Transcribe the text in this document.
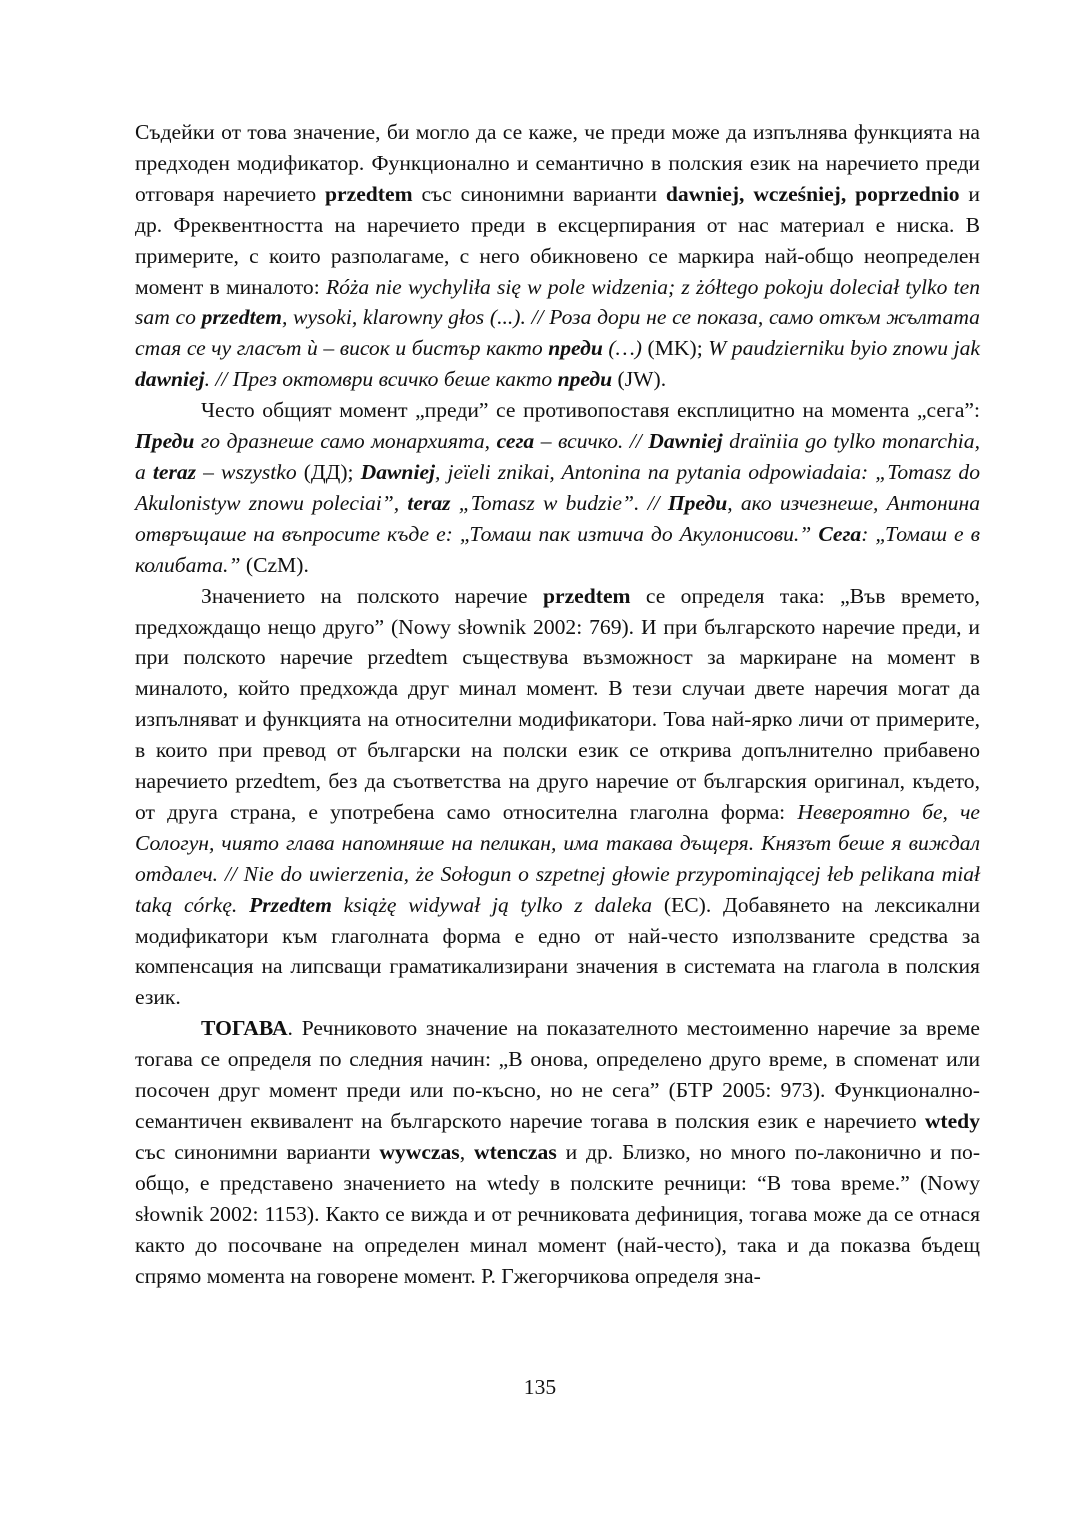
Съдейки от това значение, би могло да се каже, че преди може да изпълнява функцията на предходен модификатор. Функционално и семантично в полския език на наречието преди отговаря наречието przedtem със синонимни варианти dawniej, wcześniej, poprzednio и др. Фреквентността на наречието преди в ексцерпирания от нас материал е ниска. В примерите, с които разполагаме, с него обикновено се маркира най-общо неопределен момент в миналото: Róża nie wychyliła się w pole widzenia; z żółtego pokoju doleciał tylko ten sam co przedtem, wysoki, klarowny głos (...). // Роза дори не се показа, само откъм жълтата стая се чу гласът ѝ – висок и бистър както преди (…) (MK); W paudzierniku byio znowu jak dawniej. // През октомври всичко беше както преди (JW).

Често общият момент „преди” се противопоставя експлицитно на момента „сега”: Преди го дразнеше само монархията, сега – всичко. // Dawniej draïniia go tylko monarchia, a teraz – wszystko (ДД); Dawniej, jeïeli znikai, Antonina na pytania odpowiadaia: „Tomasz do Akulonistyw znowu poleciai”, teraz „Tomasz w budzie”. // Преди, ако изчезнеше, Антонина отвръщаше на въпросите къде е: „Томаш пак изтича до Акулонисови.” Сега: „Томаш е в колибата.” (CzM).

Значението на полското наречие przedtem се определя така: „Във времето, предхождащо нещо друго” (Nowy słownik 2002: 769). И при българското наречие преди, и при полското наречие przedtem съществува възможност за маркиране на момент в миналото, който предхожда друг минал момент. В тези случаи двете наречия могат да изпълняват и функцията на относителни модификатори. Това най-ярко личи от примерите, в които при превод от български на полски език се открива допълнително прибавено наречието przedtem, без да съответства на друго наречие от българския оригинал, където, от друга страна, е употребена само относителна глаголна форма: Невероятно бе, че Сологун, чиято глава напомняше на пеликан, има такава дъщеря. Князът беше я виждал отдалеч. // Nie do uwierzenia, że Sołogun o szpetnej głowie przypominającej łeb pelikana miał taką córkę. Przedtem książę widywał ją tylko z daleka (ЕС). Добавянето на лексикални модификатори към глаголната форма е едно от най-често използваните средства за компенсация на липсващи граматикализирани значения в системата на глагола в полския език.

ТОГАВА. Речниковото значение на показателното местоименно наречие за време тогава се определя по следния начин: „В онова, определено друго време, в споменат или посочен друг момент преди или по-късно, но не сега” (БТР 2005: 973). Функционално-семантичен еквивалент на българското наречие тогава в полския език е наречието wtedy със синонимни варианти wywczas, wtenczas и др. Близко, но много по-лаконично и по-общо, е представено значението на wtedy в полските речници: “В това време.” (Nowy słownik 2002: 1153). Както се вижда и от речниковата дефиниция, тогава може да се отнася както до посочване на определен минал момент (най-често), така и да показва бъдещ спрямо момента на говорене момент. Р. Гжегорчикова определя зна-

135
